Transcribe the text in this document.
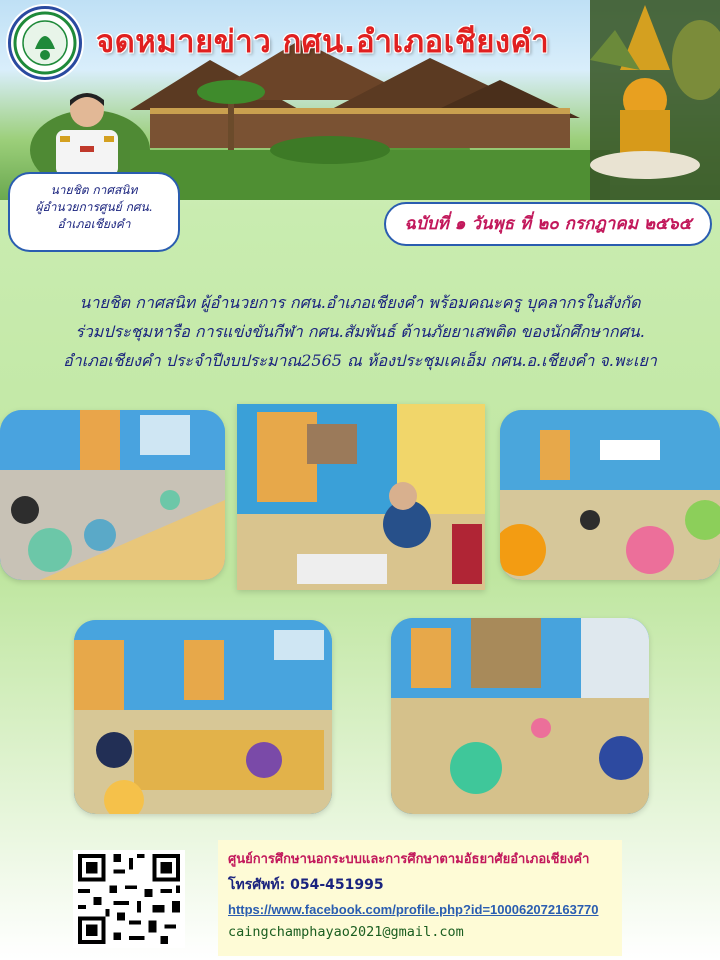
จดหมายข่าว กศน.อำเภอเชียงคำ
นายชิต กาศสนิท
ผู้อำนวยการศูนย์ กศน.
อำเภอเชียงคำ	ฉบับที่ ๑ วันพุธ ที่ ๒๐ กรกฎาคม ๒๕๖๕
นายชิต กาศสนิท ผู้อำนวยการ กศน.อำเภอเชียงคำ พร้อมคณะครู บุคลากรในสังกัด
ร่วมประชุมหารือ การแข่งขันกีฬา กศน.สัมพันธ์ ต้านภัยยาเสพติด ของนักศึกษากศน.
อำเภอเชียงคำ ประจำปีงบประมาณ2565 ณ ห้องประชุมเคเอ็ม กศน.อ.เชียงคำ จ.พะเยา
ศูนย์การศึกษานอกระบบและการศึกษาตามอัธยาศัยอำเภอเชียงคำ
โทรศัพท์: 054-451995
https://www.facebook.com/profile.php?id=100062072163770
caingchamphayao2021@gmail.com
